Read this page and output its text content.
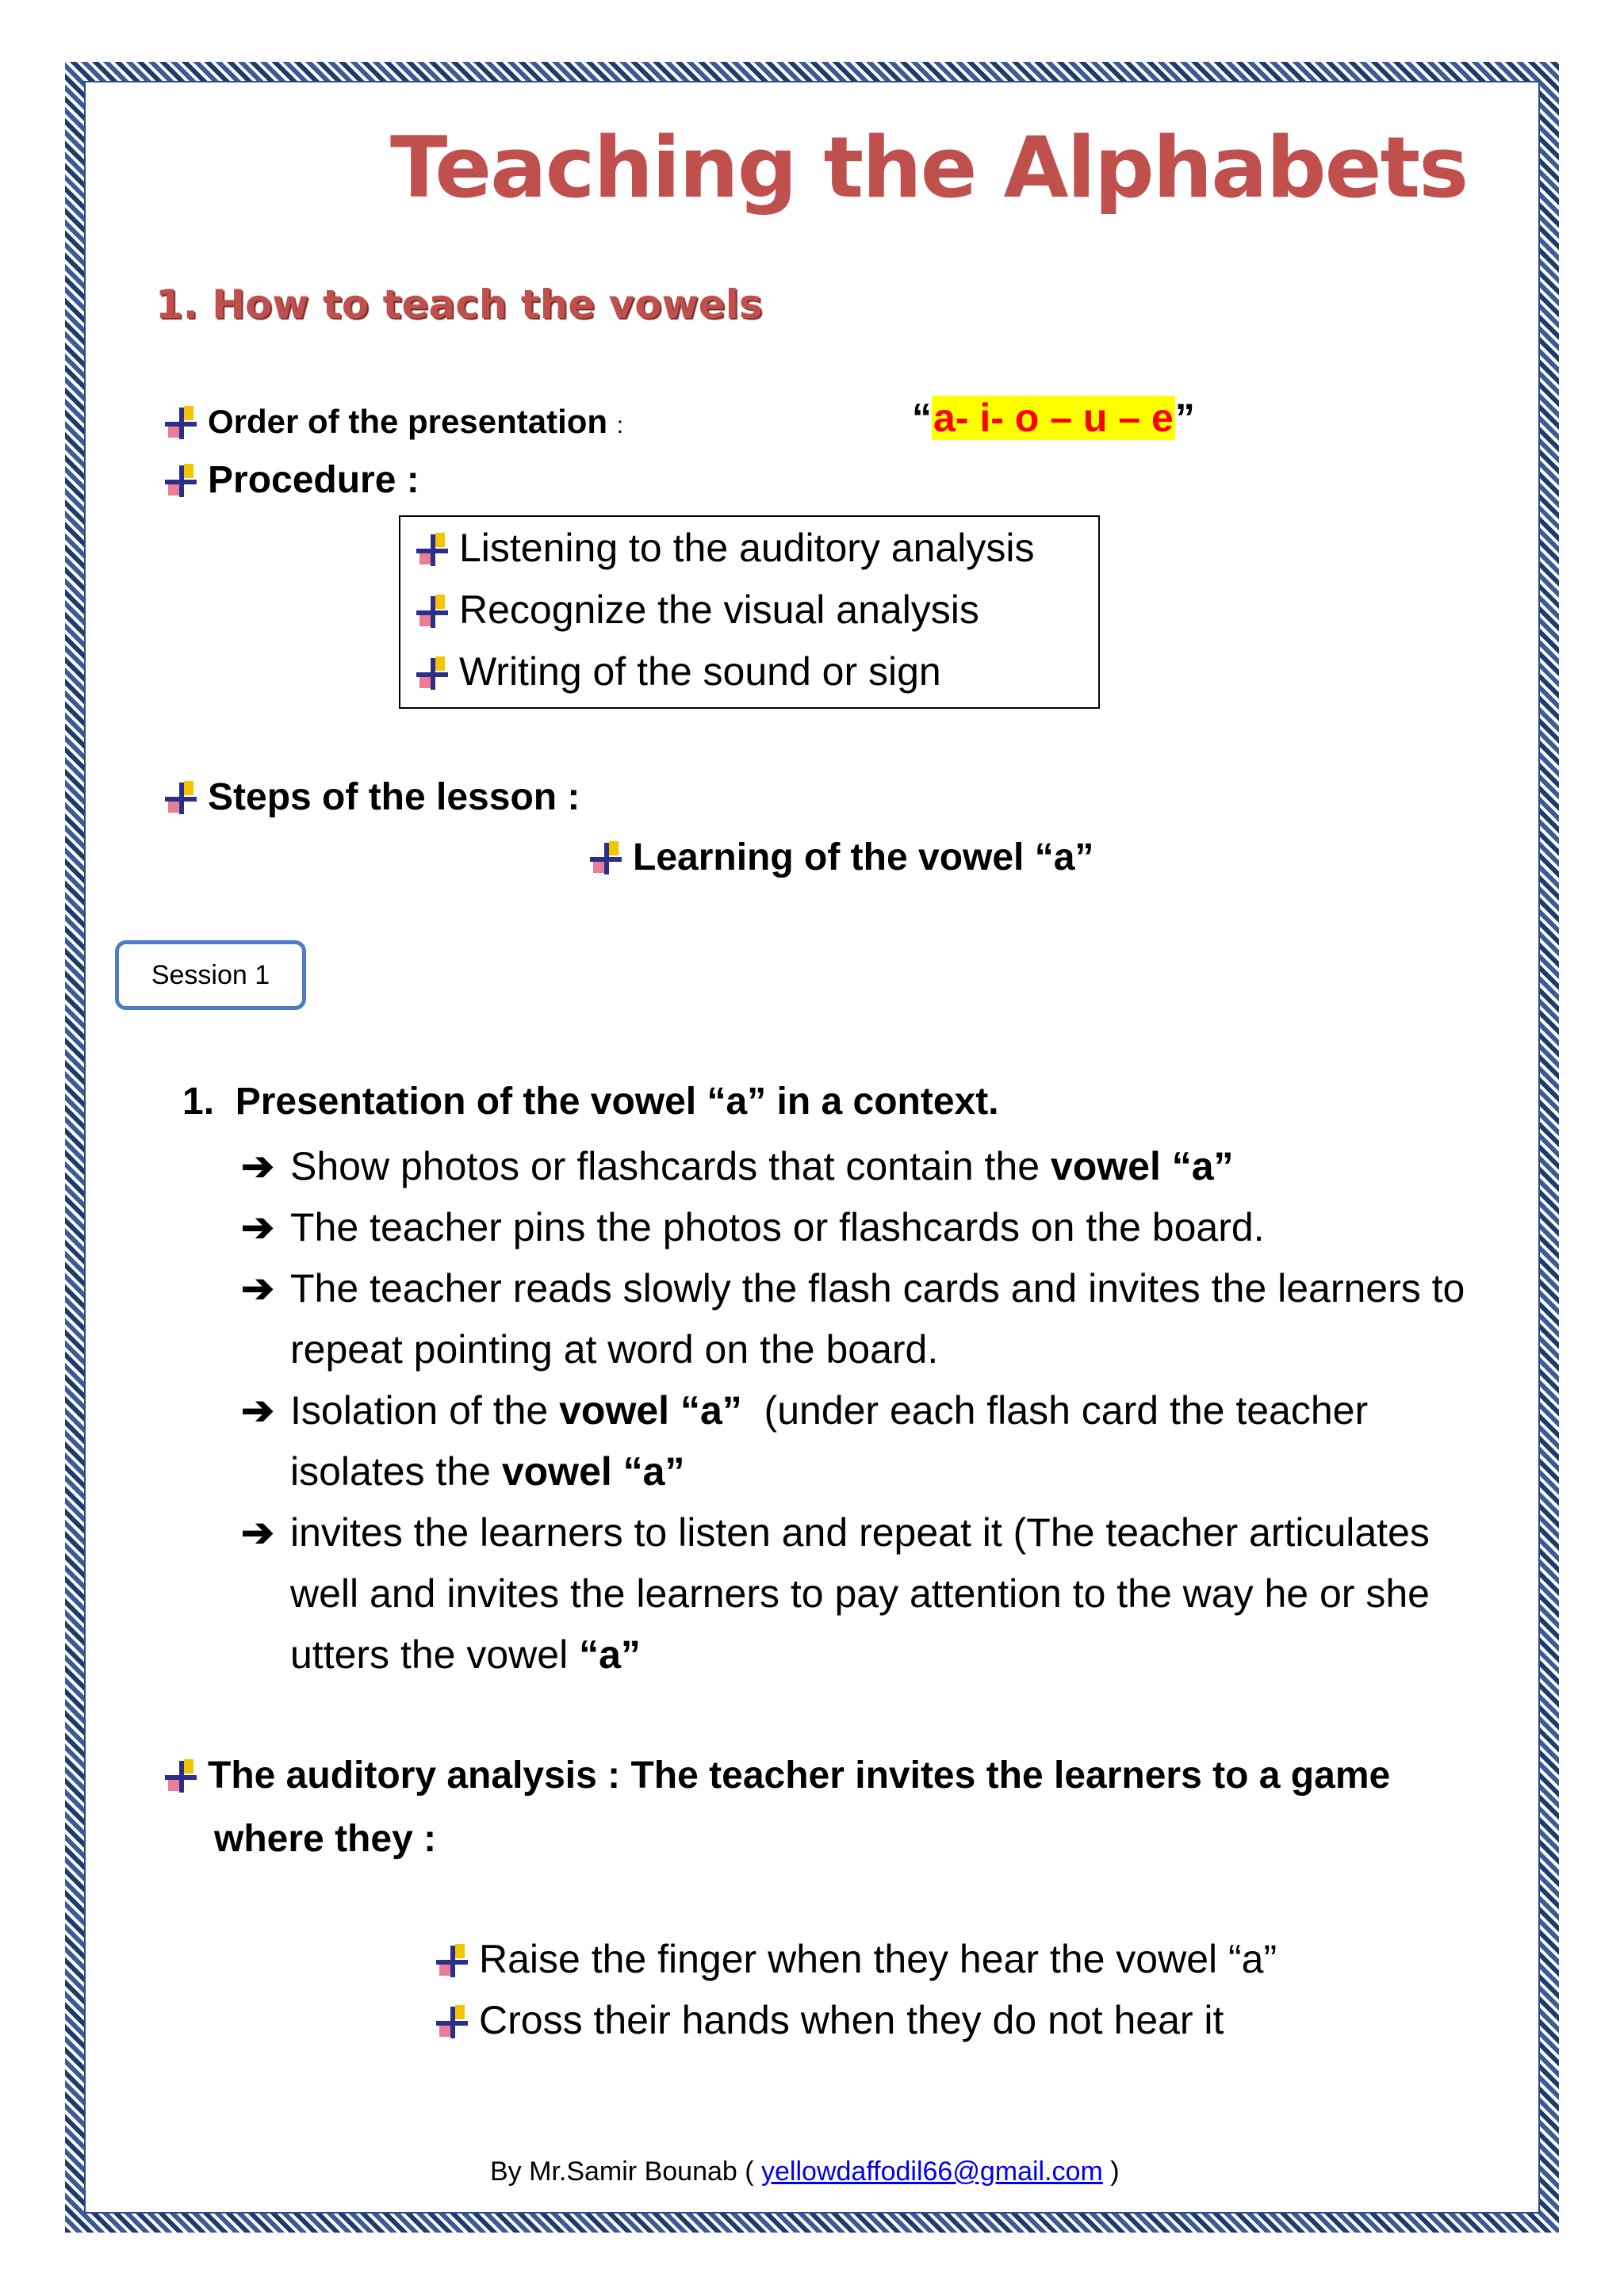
Teaching the Alphabets
1. How to teach the vowels
Order of the presentation :	“a- i- o – u – e”
Procedure :
Listening to the auditory analysis
Recognize the visual analysis
Writing of the sound or sign
Steps of the lesson :
Learning of the vowel “a”
Session 1
1. Presentation of the vowel “a” in a context.
➔ Show photos or flashcards that contain the vowel “a”
➔ The teacher pins the photos or flashcards on the board.
➔ The teacher reads slowly the flash cards and invites the learners to
repeat pointing at word on the board.
➔ Isolation of the vowel “a”  (under each flash card the teacher
isolates the vowel “a”
➔ invites the learners to listen and repeat it (The teacher articulates
well and invites the learners to pay attention to the way he or she
utters the vowel “a”
The auditory analysis : The teacher invites the learners to a game
where they :
Raise the finger when they hear the vowel “a”
Cross their hands when they do not hear it
By Mr.Samir Bounab ( yellowdaffodil66@gmail.com )
